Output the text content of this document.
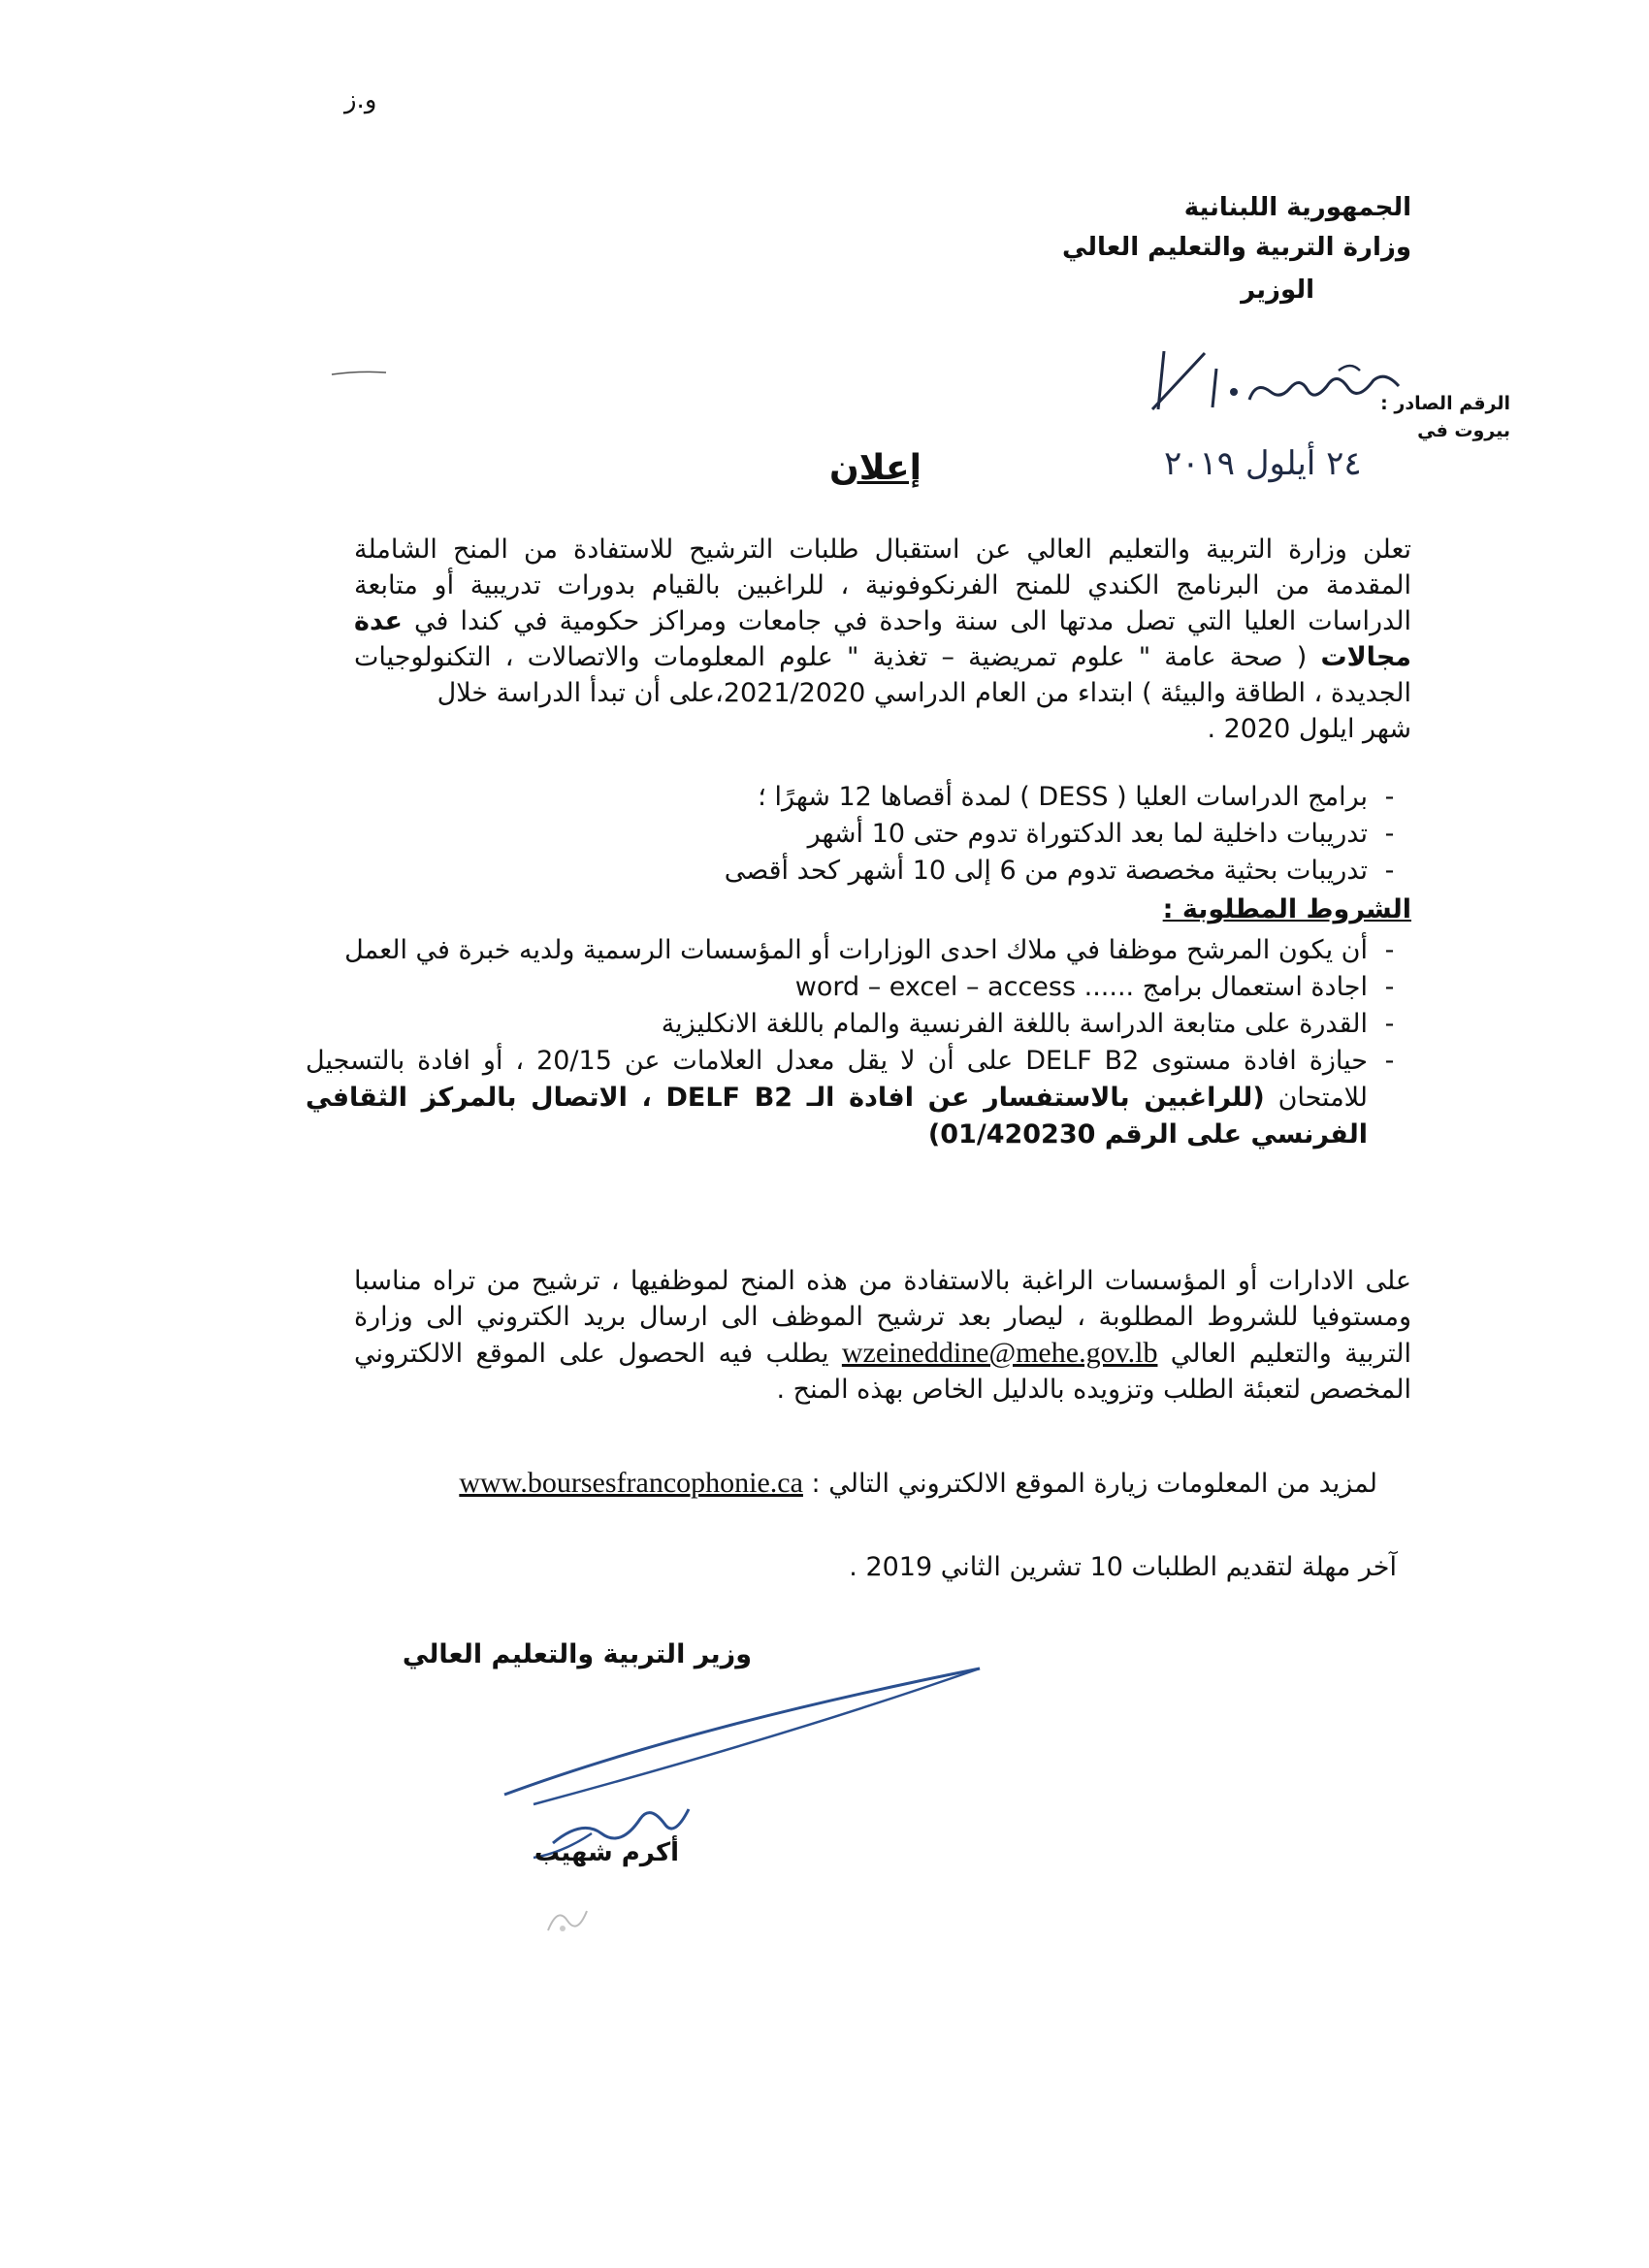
و.ز
الجمهورية اللبنانية
وزارة التربية والتعليم العالي
الوزير
الرقم الصادر :
بيروت في
٢٤ أيلول ٢٠١٩
إعلان
تعلن وزارة التربية والتعليم العالي عن استقبال طلبات الترشيح للاستفادة من المنح الشاملة المقدمة من البرنامج الكندي للمنح الفرنكوفونية ، للراغبين بالقيام بدورات تدريبية أو متابعة الدراسات العليا التي تصل مدتها الى سنة واحدة في جامعات ومراكز حكومية في كندا في عدة مجالات ( صحة عامة " علوم تمريضية – تغذية " علوم المعلومات والاتصالات ، التكنولوجيات الجديدة ، الطاقة والبيئة ) ابتداء من العام الدراسي 2021/2020،على أن تبدأ الدراسة خلال
شهر ايلول 2020 .
-
برامج الدراسات العليا ( DESS ) لمدة أقصاها 12 شهرًا ؛
-
تدريبات داخلية لما بعد الدكتوراة تدوم حتى 10 أشهر
-
تدريبات بحثية مخصصة تدوم من 6 إلى 10 أشهر كحد أقصى
الشروط المطلوبة :
-
أن يكون المرشح موظفا في ملاك احدى الوزارات أو المؤسسات الرسمية ولديه خبرة في العمل
-
اجادة استعمال برامج ...... word – excel – access
-
القدرة على متابعة الدراسة باللغة الفرنسية والمام باللغة الانكليزية
-
حيازة افادة مستوى DELF B2 على أن لا يقل معدل العلامات عن 20/15 ، أو افادة بالتسجيل للامتحان (للراغبين بالاستفسار عن افادة الـ DELF B2 ، الاتصال بالمركز الثقافي الفرنسي على الرقم 01/420230)
على الادارات أو المؤسسات الراغبة بالاستفادة من هذه المنح لموظفيها ، ترشيح من تراه مناسبا ومستوفيا للشروط المطلوبة ، ليصار بعد ترشيح الموظف الى ارسال بريد الكتروني الى وزارة التربية والتعليم العالي wzeineddine@mehe.gov.lb يطلب فيه الحصول على الموقع الالكتروني المخصص لتعبئة الطلب وتزويده بالدليل الخاص بهذه المنح .
لمزيد من المعلومات زيارة الموقع الالكتروني التالي : www.boursesfrancophonie.ca
آخر مهلة لتقديم الطلبات 10 تشرين الثاني 2019 .
وزير التربية والتعليم العالي
أكرم شهيب
